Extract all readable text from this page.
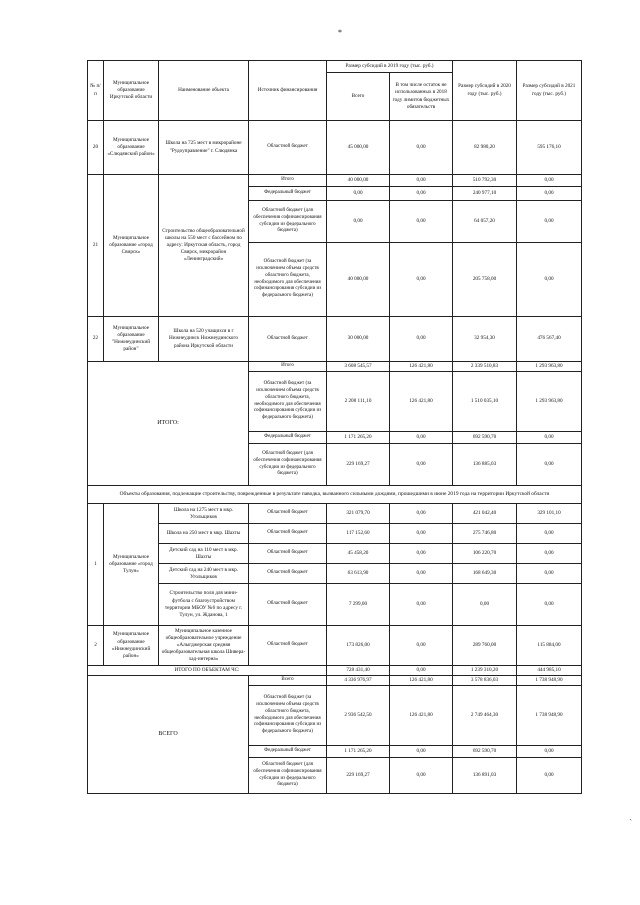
*
№ п/п	Муниципальное образование Иркутской области	Наименование объекта	Источник финансирования	Размер субсидий в 2019 году (тыс. руб.)		Размер субсидий в 2020 году (тыс. руб.)	Размер субсидий в 2021 году (тыс. руб.)
				Всего	В том числе остаток не использованных в 2018 году лимитов бюджетных обязательств		
20	Муниципальное образование «Слюдянский район»	Школа на 725 мест в микрорайоне "Рудоуправление" г. Слюдянка	Областной бюджет	45 000,00	0,00	82 980,20	595 176,10
21	Муниципальное образование «город Свирск»	Строительство общеобразовательной школы на 550 мест с бассейном по адресу: Иркутская область, город Свирск, микрорайон «Ленинградский»	Итого	40 000,00	0,00	510 792,30	0,00
			Федеральный бюджет	0,00	0,00	240 977,10	0,00
			Областной бюджет (для обеспечения софинансирования субсидии из федерального бюджета)	0,00	0,00	64 057,20	0,00
			Областной бюджет (за исключением объема средств областного бюджета, необходимого для обеспечения софинансирования субсидии из федерального бюджета)	40 000,00	0,00	205 758,00	0,00
22	Муниципальное образование "Нижнеудинский район"	Школа на 520 учащихся в г Нижнеудинск Нижнеудинского района Иркутской области	Областной бюджет	30 000,00	0,00	32 954,30	476 567,40
ИТОГО:			Итого	3 608 545,57	126 421,80	2 339 510,83	1 293 963,80
			Областной бюджет (за исключением объема средств областного бюджета, необходимого для обеспечения софинансирования субсидии из федерального бюджета)	2 208 111,10	126 421,80	1 510 035,10	1 293 963,80
			Федеральный бюджет	1 171 265,20	0,00	692 590,70	0,00
			Областной бюджет (для обеспечения софинансирования субсидии из федерального бюджета)	229 169,27	0,00	136 885,03	0,00
Объекты образования, подлежащие строительству, поврежденные в результате паводка, вызванного сильными дождями, прошедшими в июне 2019 года на территории Иркутской области							
1	Муниципальное образование «город Тулун»	Школа на 1275 мест в мкр. Угольщиков	Областной бюджет	321 079,70	0,00	421 042,40	329 101,10
		Школа на 250 мест в мкр. Шахты	Областной бюджет	117 152,60	0,00	275 746,80	0,00
		Детский сад на 110 мест в мкр. Шахты	Областной бюджет	45 458,20	0,00	106 220,70	0,00
		Детский сад на 240 мест в мкр. Угольщиков	Областной бюджет	63 613,90	0,00	168 649,30	0,00
		Строительство поля для мини-футбола с благоустройством территории МБОУ №6 по адресу г. Тулун, ул. Жданова, 1	Областной бюджет	7 299,00	0,00	0,00	0,00
2	Муниципальное образование «Нижнеудинский район»	Муниципальное казенное общеобразовательное учреждение «Алыгджерская средняя общеобразовательная школа Шивера-хад-интерна»	Областной бюджет	173 826,00	0,00	289 760,00	115 884,00
ИТОГО ПО ОБЪЕКТАМ ЧС:				728 431,40	0,00	1 239 310,20	444 985,10
ВСЕГО			Всего	4 336 976,97	126 421,80	3 578 836,03	1 738 948,90
			Областной бюджет (за исключением объема средств областного бюджета, необходимого для обеспечения софинансирования субсидии из федерального бюджета)	2 936 542,50	126 421,80	2 749 464,30	1 738 948,90
			Федеральный бюджет	1 171 265,20	0,00	692 590,70	0,00
			Областной бюджет (для обеспечения софинансирования субсидии из федерального бюджета)	229 169,27	0,00	136 891,03	0,00
`
